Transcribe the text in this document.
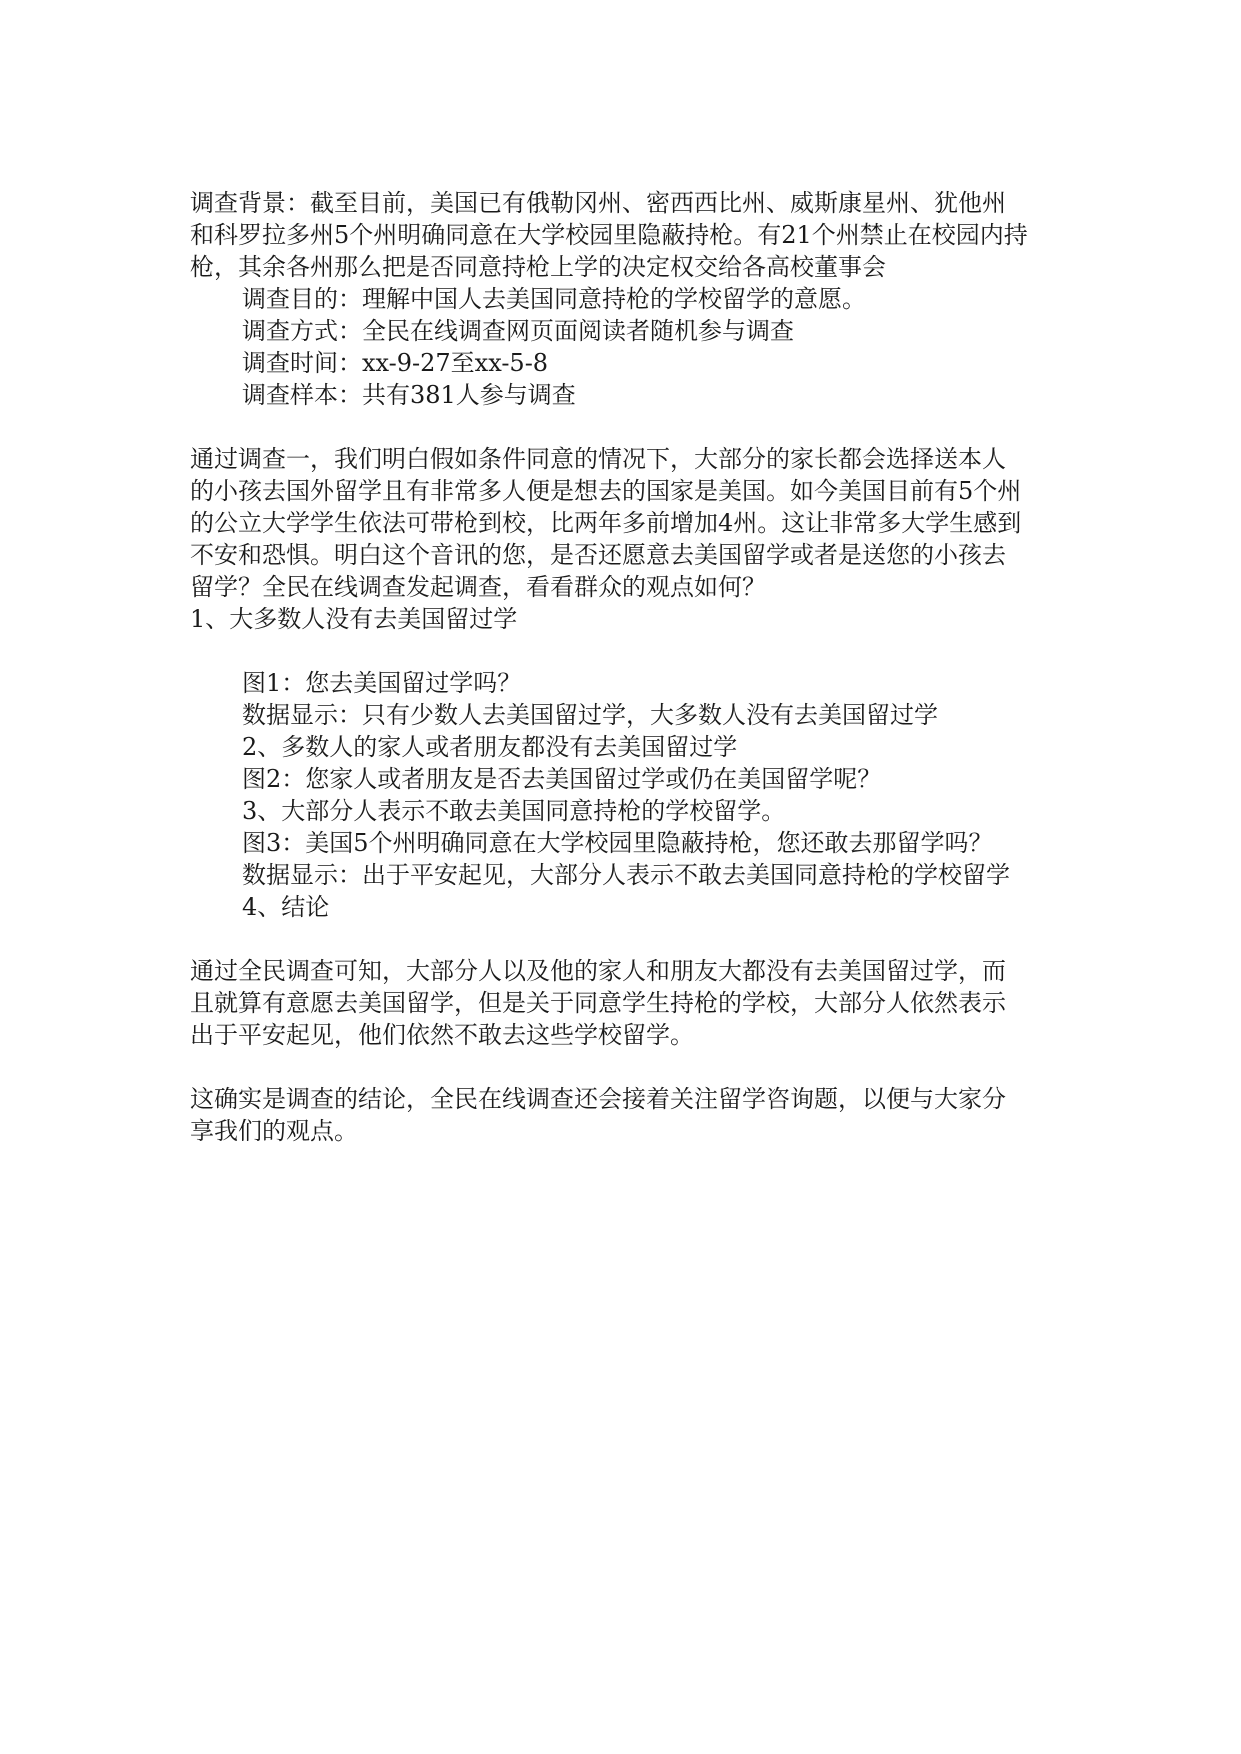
调查背景：截至目前，美国已有俄勒冈州、密西西比州、威斯康星州、犹他州

和科罗拉多州5个州明确同意在大学校园里隐蔽持枪。有21个州禁止在校园内持

枪，其余各州那么把是否同意持枪上学的决定权交给各高校董事会

调查目的：理解中国人去美国同意持枪的学校留学的意愿。

调查方式：全民在线调查网页面阅读者随机参与调查

调查时间：xx-9-27至xx-5-8

调查样本：共有381人参与调查

通过调查一，我们明白假如条件同意的情况下，大部分的家长都会选择送本人

的小孩去国外留学且有非常多人便是想去的国家是美国。如今美国目前有5个州

的公立大学学生依法可带枪到校，比两年多前增加4州。这让非常多大学生感到

不安和恐惧。明白这个音讯的您，是否还愿意去美国留学或者是送您的小孩去

留学？全民在线调查发起调查，看看群众的观点如何？

1、大多数人没有去美国留过学

图1：您去美国留过学吗？

数据显示：只有少数人去美国留过学，大多数人没有去美国留过学

2、多数人的家人或者朋友都没有去美国留过学

图2：您家人或者朋友是否去美国留过学或仍在美国留学呢？

3、大部分人表示不敢去美国同意持枪的学校留学。

图3：美国5个州明确同意在大学校园里隐蔽持枪，您还敢去那留学吗？

数据显示：出于平安起见，大部分人表示不敢去美国同意持枪的学校留学

4、结论

通过全民调查可知，大部分人以及他的家人和朋友大都没有去美国留过学，而

且就算有意愿去美国留学，但是关于同意学生持枪的学校，大部分人依然表示

出于平安起见，他们依然不敢去这些学校留学。

这确实是调查的结论，全民在线调查还会接着关注留学咨询题，以便与大家分

享我们的观点。
